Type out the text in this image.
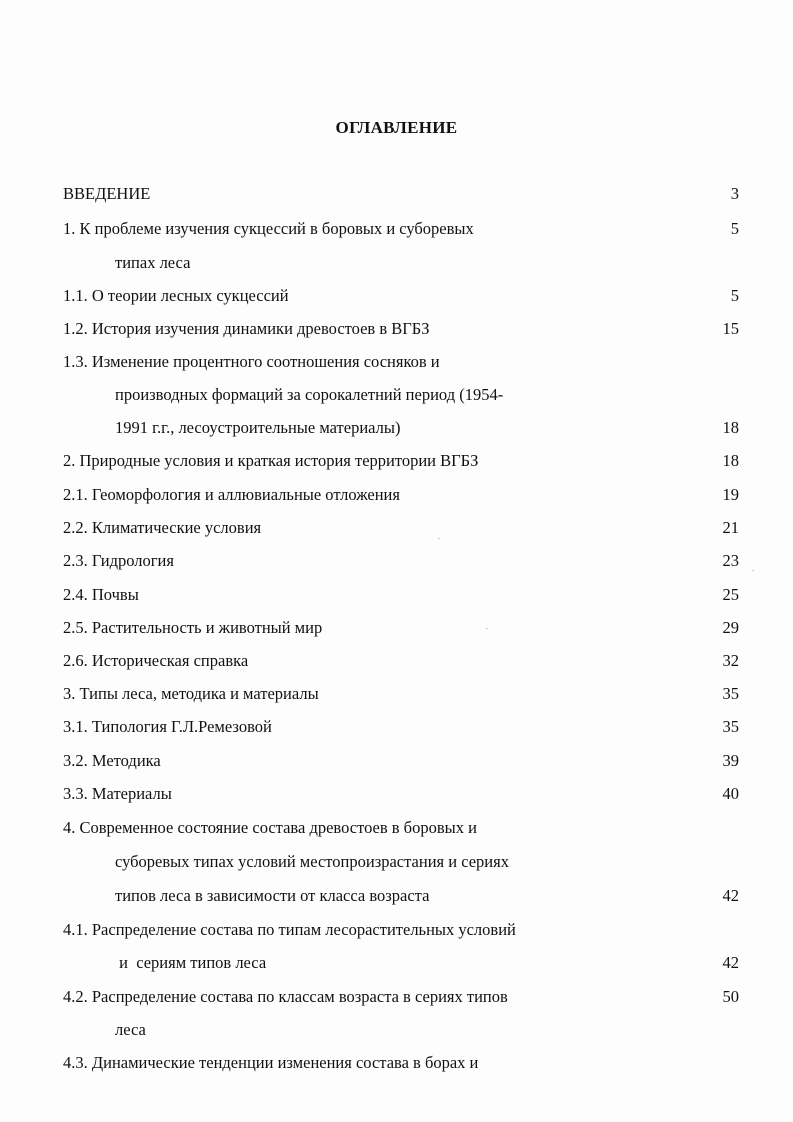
ОГЛАВЛЕНИЕ
ВВЕДЕНИЕ	3
1. К проблеме изучения сукцессий в боровых и суборевых	5
типах леса
1.1. О теории лесных сукцессий	5
1.2. История изучения динамики древостоев в ВГБЗ	15
1.3. Изменение процентного соотношения сосняков и
производных формаций за сорокалетний период (1954-
1991 г.г., лесоустроительные материалы)	18
2. Природные условия и краткая история территории ВГБЗ	18
2.1. Геоморфология и аллювиальные отложения	19
2.2. Климатические условия	21
2.3. Гидрология	23
2.4. Почвы	25
2.5. Растительность и животный мир	29
2.6. Историческая справка	32
3. Типы леса, методика и материалы	35
3.1. Типология Г.Л.Ремезовой	35
3.2. Методика	39
3.3. Материалы	40
4. Современное состояние состава древостоев в боровых и
суборевых типах условий местопроизрастания и сериях
типов леса в зависимости от класса возраста	42
4.1. Распределение состава по типам лесорастительных условий
и  сериям типов леса	42
4.2. Распределение состава по классам возраста в сериях типов	50
леса
4.3. Динамические тенденции изменения состава в борах и
